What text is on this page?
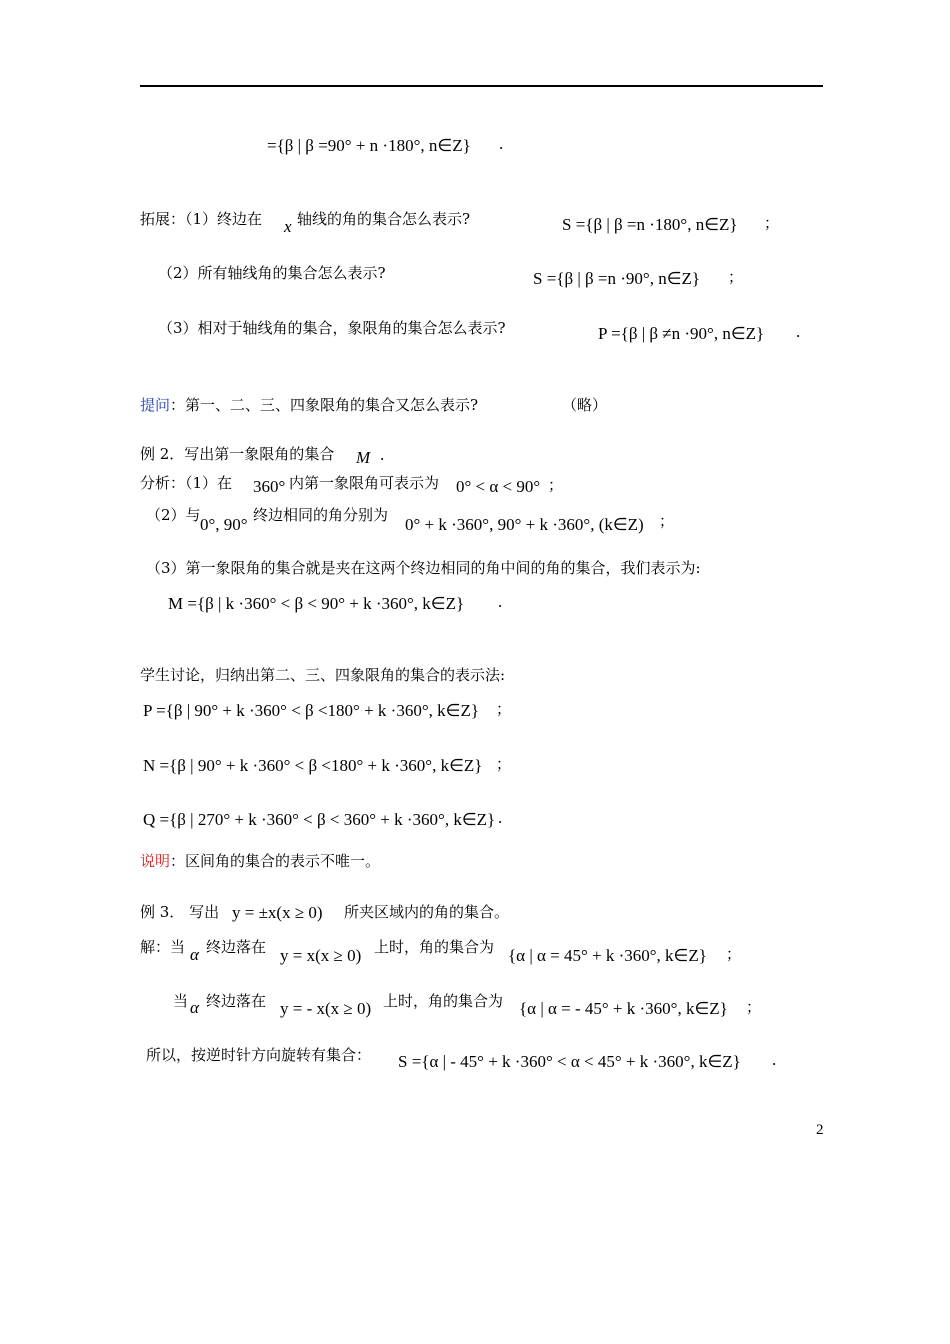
={β | β =90° + n ·180°, n∈Z} .
拓展：（1）终边在 x 轴线的角的集合怎么表示?	S ={β | β =n ·180°, n∈Z} ；
（2）所有轴线角的集合怎么表示?	S ={β | β =n ·90°, n∈Z} ；
（3）相对于轴线角的集合，象限角的集合怎么表示?	P ={β | β ≠n ·90°, n∈Z} .
提问 ：第一、二、三、四象限角的集合又怎么表示?	（略）
例 2．写出第一象限角的集合 M .
分析：（1）在 360° 内第一象限角可表示为 0° < α < 90° ；
（2）与 0°, 90° 终边相同的角分别为 0° + k ·360°, 90° + k ·360°, (k∈Z) ；
（3）第一象限角的集合就是夹在这两个终边相同的角中间的角的集合，我们表示为:
M ={β | k ·360° < β < 90° + k ·360°, k∈Z} .
学生讨论，归纳出第二、三、四象限角的集合的表示法:
P ={β | 90° + k ·360° < β <180° + k ·360°, k∈Z} ；
N ={β | 90° + k ·360° < β <180° + k ·360°, k∈Z} ；
Q ={β | 270° + k ·360° < β < 360° + k ·360°, k∈Z} .
说明 ：区间角的集合的表示不唯一。
例 3． 写出 y = ±x(x ≥ 0) 所夹区域内的角的集合。
解：当 α 终边落在 y = x(x ≥ 0) 上时，角的集合为 {α | α = 45° + k ·360°, k∈Z} ；
当 α 终边落在 y = - x(x ≥ 0) 上时，角的集合为 {α | α = - 45° + k ·360°, k∈Z} ；
所以，按逆时针方向旋转有集合： S ={α | - 45° + k ·360° < α < 45° + k ·360°, k∈Z} .
2
